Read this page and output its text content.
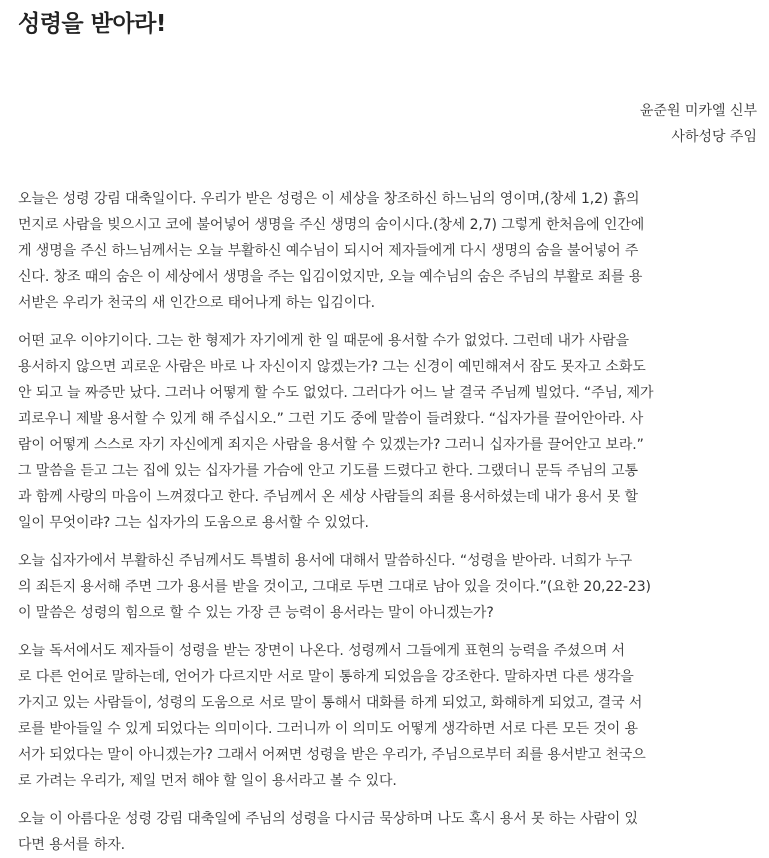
성령을 받아라!
윤준원 미카엘 신부
사하성당 주임

오늘은 성령 강림 대축일이다. 우리가 받은 성령은 이 세상을 창조하신 하느님의 영이며,(창세 1,2) 흙의
먼지로 사람을 빚으시고 코에 불어넣어 생명을 주신 생명의 숨이시다.(창세 2,7) 그렇게 한처음에 인간에
게 생명을 주신 하느님께서는 오늘 부활하신 예수님이 되시어 제자들에게 다시 생명의 숨을 불어넣어 주
신다. 창조 때의 숨은 이 세상에서 생명을 주는 입김이었지만, 오늘 예수님의 숨은 주님의 부활로 죄를 용
서받은 우리가 천국의 새 인간으로 태어나게 하는 입김이다.

어떤 교우 이야기이다. 그는 한 형제가 자기에게 한 일 때문에 용서할 수가 없었다. 그런데 내가 사람을
용서하지 않으면 괴로운 사람은 바로 나 자신이지 않겠는가? 그는 신경이 예민해져서 잠도 못자고 소화도
안 되고 늘 짜증만 났다. 그러나 어떻게 할 수도 없었다. 그러다가 어느 날 결국 주님께 빌었다. “주님, 제가
괴로우니 제발 용서할 수 있게 해 주십시오.” 그런 기도 중에 말씀이 들려왔다. “십자가를 끌어안아라. 사
람이 어떻게 스스로 자기 자신에게 죄지은 사람을 용서할 수 있겠는가? 그러니 십자가를 끌어안고 보라.”
그 말씀을 듣고 그는 집에 있는 십자가를 가슴에 안고 기도를 드렸다고 한다. 그랬더니 문득 주님의 고통
과 함께 사랑의 마음이 느껴졌다고 한다. 주님께서 온 세상 사람들의 죄를 용서하셨는데 내가 용서 못 할
일이 무엇이랴? 그는 십자가의 도움으로 용서할 수 있었다.

오늘 십자가에서 부활하신 주님께서도 특별히 용서에 대해서 말씀하신다. “성령을 받아라. 너희가 누구
의 죄든지 용서해 주면 그가 용서를 받을 것이고, 그대로 두면 그대로 남아 있을 것이다.”(요한 20,22-23)
이 말씀은 성령의 힘으로 할 수 있는 가장 큰 능력이 용서라는 말이 아니겠는가?

오늘 독서에서도 제자들이 성령을 받는 장면이 나온다. 성령께서 그들에게 표현의 능력을 주셨으며 서
로 다른 언어로 말하는데, 언어가 다르지만 서로 말이 통하게 되었음을 강조한다. 말하자면 다른 생각을
가지고 있는 사람들이, 성령의 도움으로 서로 말이 통해서 대화를 하게 되었고, 화해하게 되었고, 결국 서
로를 받아들일 수 있게 되었다는 의미이다. 그러니까 이 의미도 어떻게 생각하면 서로 다른 모든 것이 용
서가 되었다는 말이 아니겠는가? 그래서 어쩌면 성령을 받은 우리가, 주님으로부터 죄를 용서받고 천국으
로 가려는 우리가, 제일 먼저 해야 할 일이 용서라고 볼 수 있다.

오늘 이 아름다운 성령 강림 대축일에 주님의 성령을 다시금 묵상하며 나도 혹시 용서 못 하는 사람이 있
다면 용서를 하자.
